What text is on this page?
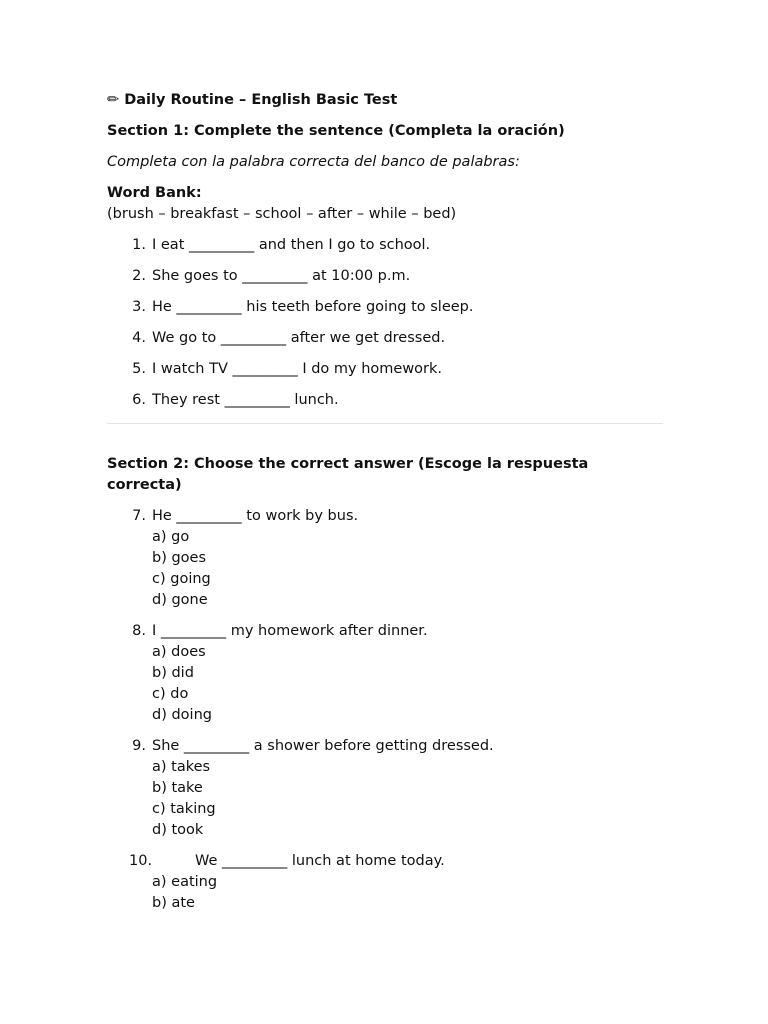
✏ Daily Routine – English Basic Test
Section 1: Complete the sentence (Completa la oración)
Completa con la palabra correcta del banco de palabras:
Word Bank:
(brush – breakfast – school – after – while – bed)
1. I eat _________ and then I go to school.
2. She goes to _________ at 10:00 p.m.
3. He _________ his teeth before going to sleep.
4. We go to _________ after we get dressed.
5. I watch TV _________ I do my homework.
6. They rest _________ lunch.
Section 2: Choose the correct answer (Escoge la respuesta correcta)
7. He _________ to work by bus.
a) go
b) goes
c) going
d) gone
8. I _________ my homework after dinner.
a) does
b) did
c) do
d) doing
9. She _________ a shower before getting dressed.
a) takes
b) take
c) taking
d) took
10.	We _________ lunch at home today.
a) eating
b) ate
